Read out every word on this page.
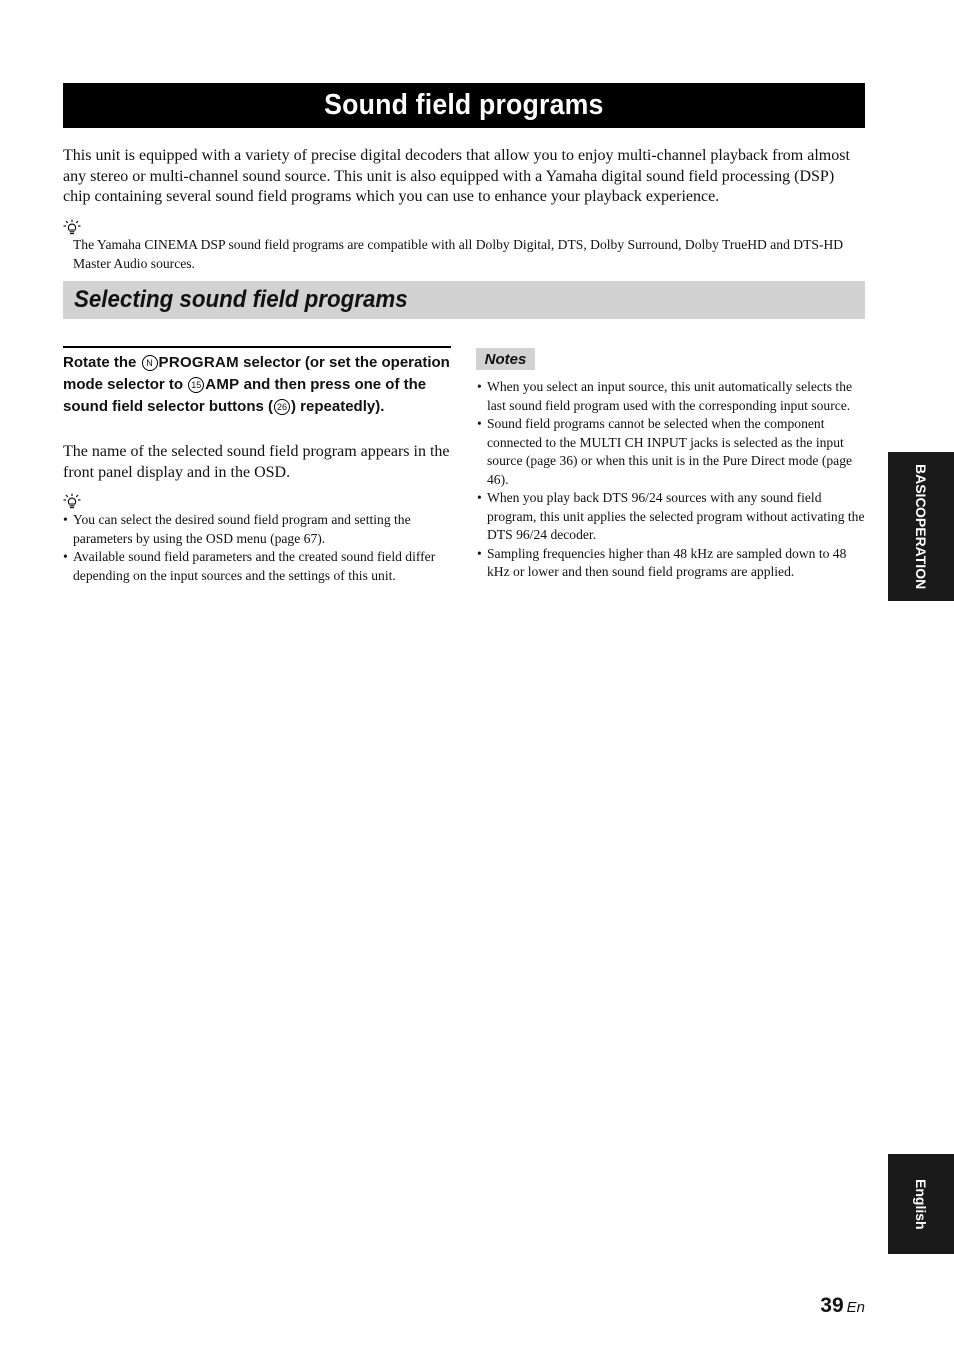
Sound field programs

This unit is equipped with a variety of precise digital decoders that allow you to enjoy multi-channel playback from almost any stereo or multi-channel sound source. This unit is also equipped with a Yamaha digital sound field processing (DSP) chip containing several sound field programs which you can use to enhance your playback experience.

The Yamaha CINEMA DSP sound field programs are compatible with all Dolby Digital, DTS, Dolby Surround, Dolby TrueHD and DTS-HD Master Audio sources.

Selecting sound field programs

Rotate the N PROGRAM selector (or set the operation mode selector to 15 AMP and then press one of the sound field selector buttons ( 26 ) repeatedly).

The name of the selected sound field program appears in the front panel display and in the OSD.

• You can select the desired sound field program and setting the parameters by using the OSD menu (page 67).
• Available sound field parameters and the created sound field differ depending on the input sources and the settings of this unit.
Notes
• When you select an input source, this unit automatically selects the last sound field program used with the corresponding input source.
• Sound field programs cannot be selected when the component connected to the MULTI CH INPUT jacks is selected as the input source (page 36) or when this unit is in the Pure Direct mode (page 46).
• When you play back DTS 96/24 sources with any sound field program, this unit applies the selected program without activating the DTS 96/24 decoder.
• Sampling frequencies higher than 48 kHz are sampled down to 48 kHz or lower and then sound field programs are applied.
BASIC
OPERATION
English
39 En
